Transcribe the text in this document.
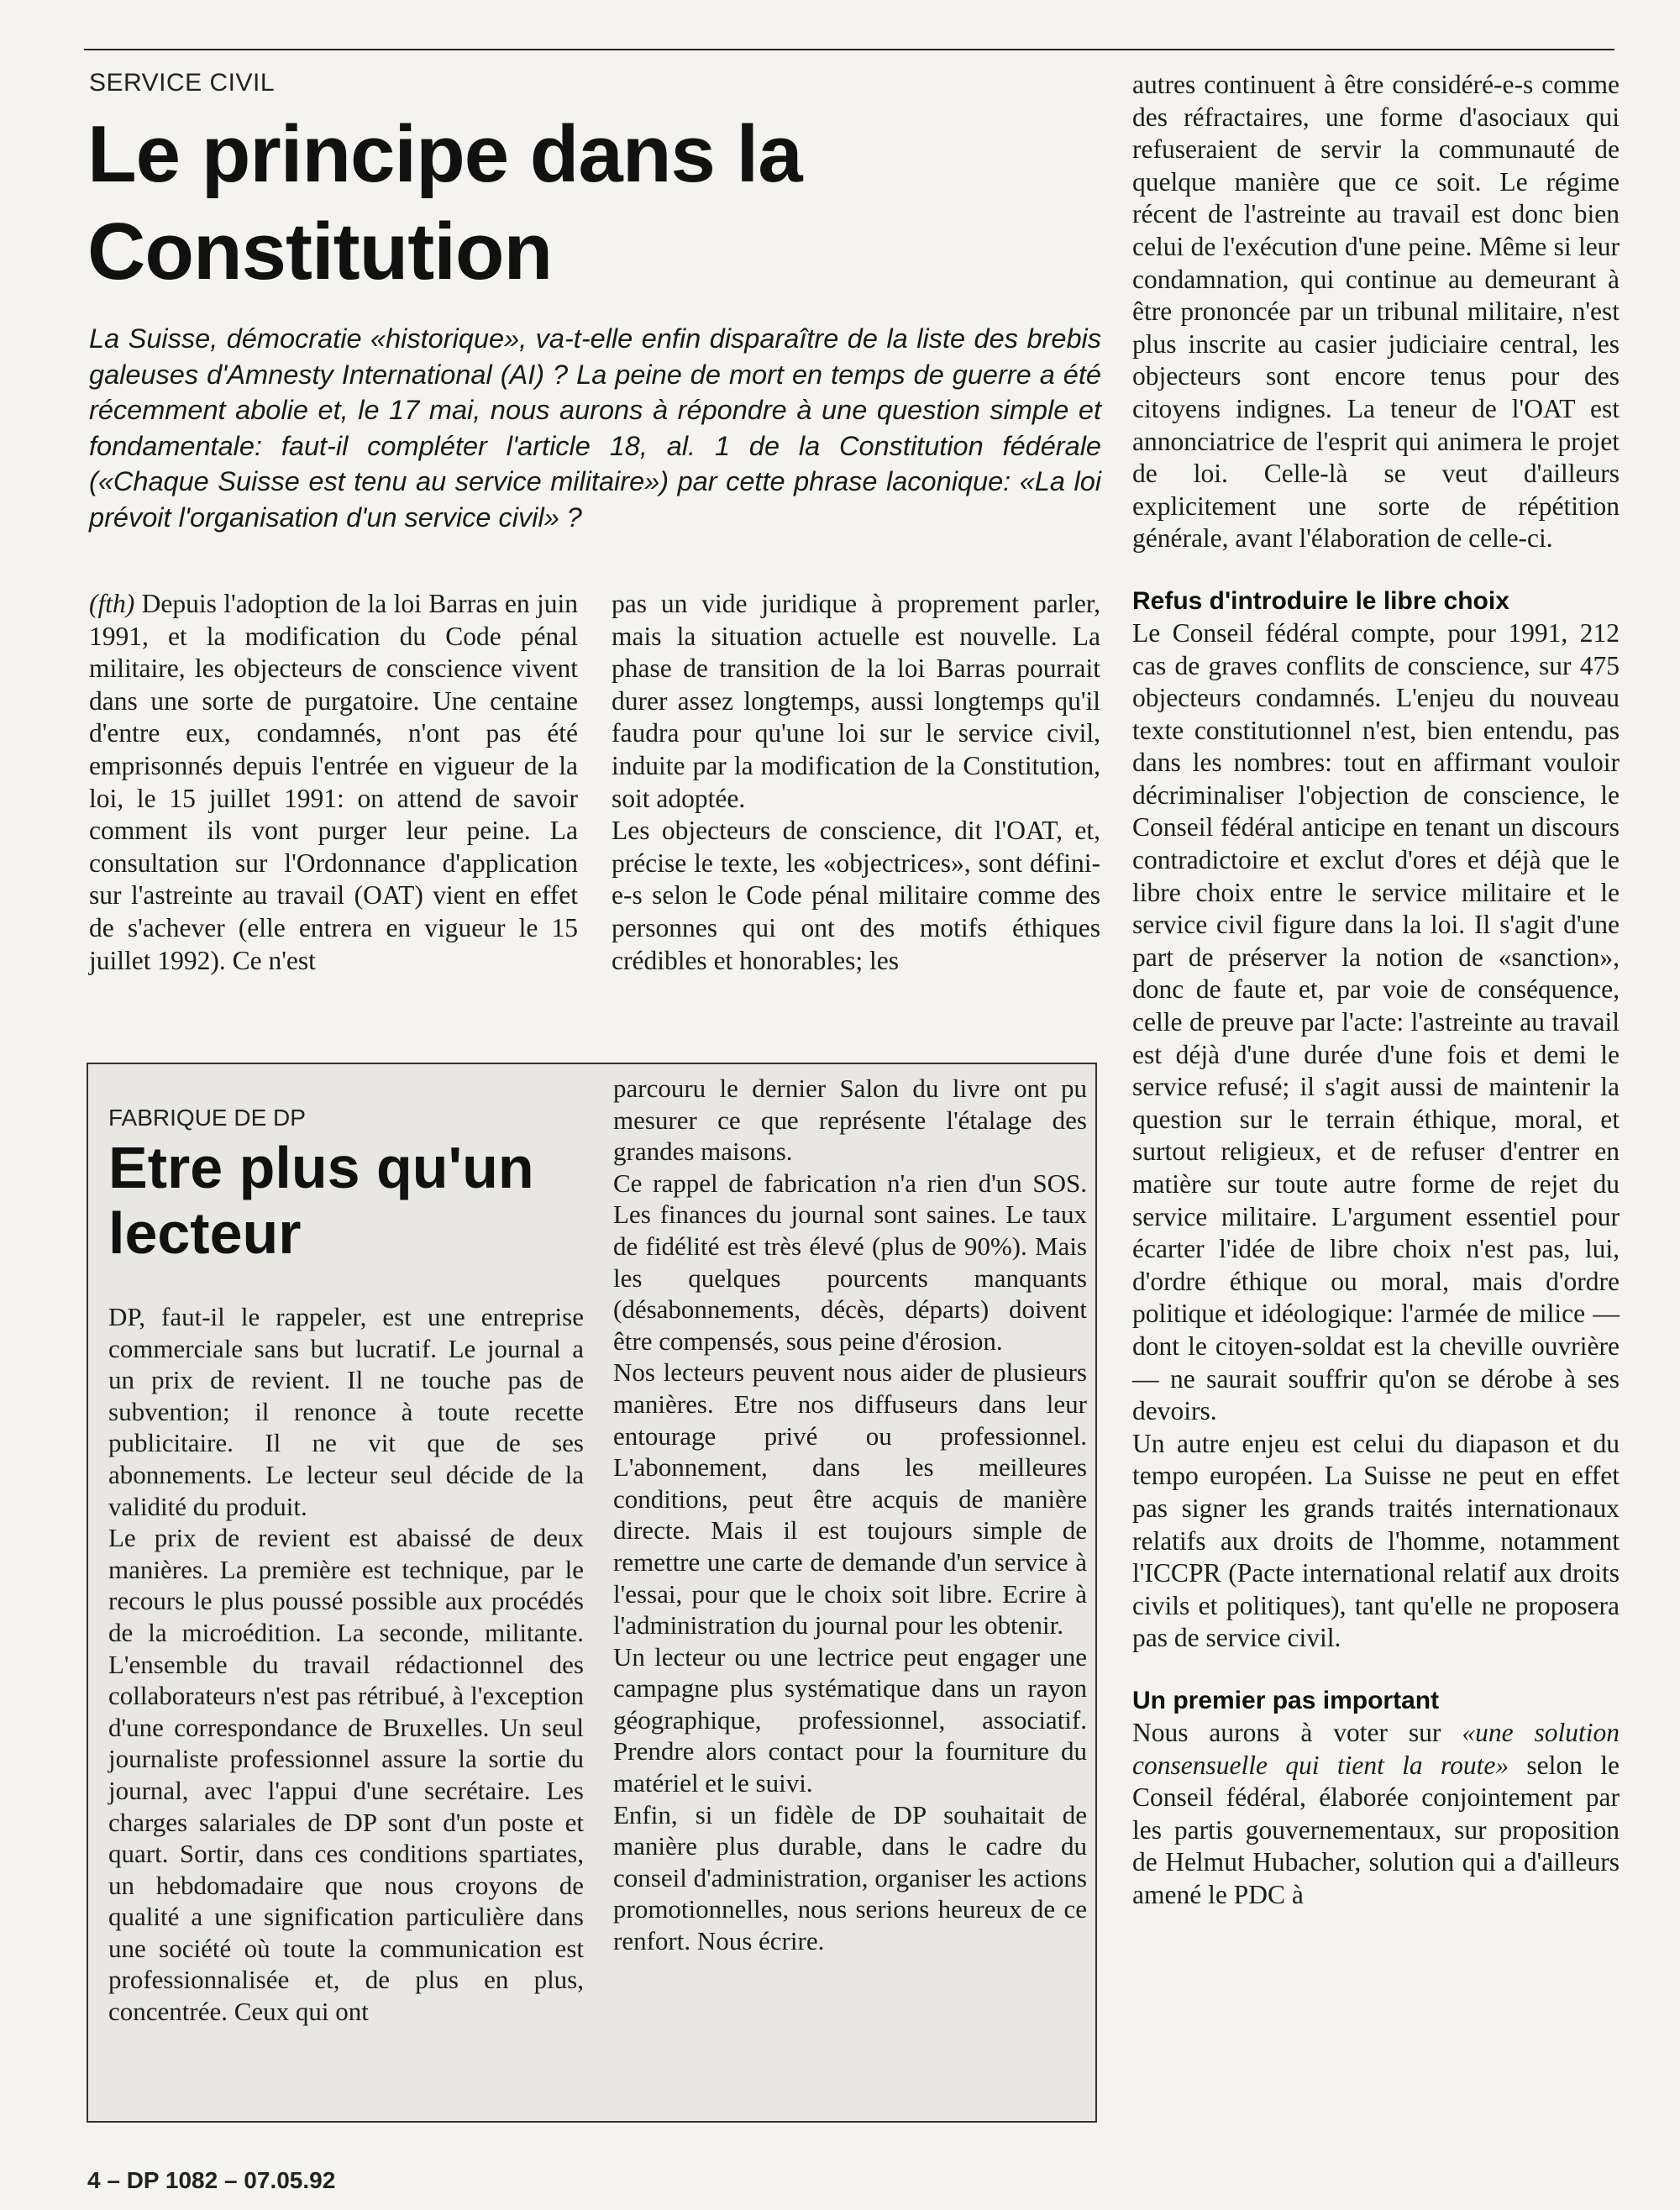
SERVICE CIVIL
Le principe dans la Constitution

La Suisse, démocratie «historique», va-t-elle enfin disparaître de la liste des brebis galeuses d'Amnesty International (AI) ? La peine de mort en temps de guerre a été récemment abolie et, le 17 mai, nous aurons à répondre à une question simple et fondamentale: faut-il compléter l'article 18, al. 1 de la Constitution fédérale («Chaque Suisse est tenu au service militaire») par cette phrase laconique: «La loi prévoit l'organisation d'un service civil» ?

(fth) Depuis l'adoption de la loi Barras en juin 1991, et la modification du Code pénal militaire, les objecteurs de conscience vivent dans une sorte de purgatoire. Une centaine d'entre eux, condamnés, n'ont pas été emprisonnés depuis l'entrée en vigueur de la loi, le 15 juillet 1991: on attend de savoir comment ils vont purger leur peine. La consultation sur l'Ordonnance d'application sur l'astreinte au travail (OAT) vient en effet de s'achever (elle entrera en vigueur le 15 juillet 1992). Ce n'est

pas un vide juridique à proprement parler, mais la situation actuelle est nouvelle. La phase de transition de la loi Barras pourrait durer assez longtemps, aussi longtemps qu'il faudra pour qu'une loi sur le service civil, induite par la modification de la Constitution, soit adoptée.

Les objecteurs de conscience, dit l'OAT, et, précise le texte, les «objectrices», sont défini-e-s selon le Code pénal militaire comme des personnes qui ont des motifs éthiques crédibles et honorables; les

autres continuent à être considéré-e-s comme des réfractaires, une forme d'asociaux qui refuseraient de servir la communauté de quelque manière que ce soit. Le régime récent de l'astreinte au travail est donc bien celui de l'exécution d'une peine. Même si leur condamnation, qui continue au demeurant à être prononcée par un tribunal militaire, n'est plus inscrite au casier judiciaire central, les objecteurs sont encore tenus pour des citoyens indignes. La teneur de l'OAT est annonciatrice de l'esprit qui animera le projet de loi. Celle-là se veut d'ailleurs explicitement une sorte de répétition générale, avant l'élaboration de celle-ci.

Refus d'introduire le libre choix

Le Conseil fédéral compte, pour 1991, 212 cas de graves conflits de conscience, sur 475 objecteurs condamnés. L'enjeu du nouveau texte constitutionnel n'est, bien entendu, pas dans les nombres: tout en affirmant vouloir décriminaliser l'objection de conscience, le Conseil fédéral anticipe en tenant un discours contradictoire et exclut d'ores et déjà que le libre choix entre le service militaire et le service civil figure dans la loi. Il s'agit d'une part de préserver la notion de «sanction», donc de faute et, par voie de conséquence, celle de preuve par l'acte: l'astreinte au travail est déjà d'une durée d'une fois et demi le service refusé; il s'agit aussi de maintenir la question sur le terrain éthique, moral, et surtout religieux, et de refuser d'entrer en matière sur toute autre forme de rejet du service militaire. L'argument essentiel pour écarter l'idée de libre choix n'est pas, lui, d'ordre éthique ou moral, mais d'ordre politique et idéologique: l'armée de milice — dont le citoyen-soldat est la cheville ouvrière — ne saurait souffrir qu'on se dérobe à ses devoirs.

Un autre enjeu est celui du diapason et du tempo européen. La Suisse ne peut en effet pas signer les grands traités internationaux relatifs aux droits de l'homme, notamment l'ICCPR (Pacte international relatif aux droits civils et politiques), tant qu'elle ne proposera pas de service civil.

Un premier pas important

Nous aurons à voter sur «une solution consensuelle qui tient la route» selon le Conseil fédéral, élaborée conjointement par les partis gouvernementaux, sur proposition de Helmut Hubacher, solution qui a d'ailleurs amené le PDC à

FABRIQUE DE DP
Etre plus qu'un lecteur

DP, faut-il le rappeler, est une entreprise commerciale sans but lucratif. Le journal a un prix de revient. Il ne touche pas de subvention; il renonce à toute recette publicitaire. Il ne vit que de ses abonnements. Le lecteur seul décide de la validité du produit.

Le prix de revient est abaissé de deux manières. La première est technique, par le recours le plus poussé possible aux procédés de la microédition. La seconde, militante. L'ensemble du travail rédactionnel des collaborateurs n'est pas rétribué, à l'exception d'une correspondance de Bruxelles. Un seul journaliste professionnel assure la sortie du journal, avec l'appui d'une secrétaire. Les charges salariales de DP sont d'un poste et quart. Sortir, dans ces conditions spartiates, un hebdomadaire que nous croyons de qualité a une signification particulière dans une société où toute la communication est professionnalisée et, de plus en plus, concentrée. Ceux qui ont

parcouru le dernier Salon du livre ont pu mesurer ce que représente l'étalage des grandes maisons.

Ce rappel de fabrication n'a rien d'un SOS. Les finances du journal sont saines. Le taux de fidélité est très élevé (plus de 90%). Mais les quelques pourcents manquants (désabonnements, décès, départs) doivent être compensés, sous peine d'érosion.

Nos lecteurs peuvent nous aider de plusieurs manières. Etre nos diffuseurs dans leur entourage privé ou professionnel. L'abonnement, dans les meilleures conditions, peut être acquis de manière directe. Mais il est toujours simple de remettre une carte de demande d'un service à l'essai, pour que le choix soit libre. Ecrire à l'administration du journal pour les obtenir.

Un lecteur ou une lectrice peut engager une campagne plus systématique dans un rayon géographique, professionnel, associatif. Prendre alors contact pour la fourniture du matériel et le suivi.

Enfin, si un fidèle de DP souhaitait de manière plus durable, dans le cadre du conseil d'administration, organiser les actions promotionnelles, nous serions heureux de ce renfort. Nous écrire.

4 – DP 1082 – 07.05.92
